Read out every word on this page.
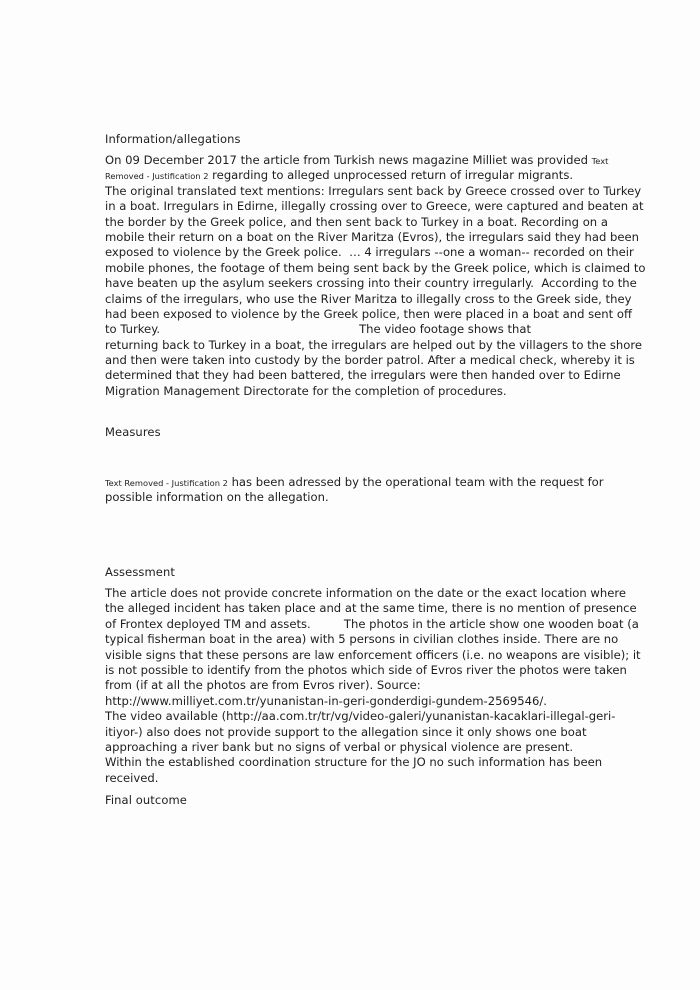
Information/allegations
On 09 December 2017 the article from Turkish news magazine Milliet was provided Text
Removed - Justification 2 regarding to alleged unprocessed return of irregular migrants.
The original translated text mentions: Irregulars sent back by Greece crossed over to Turkey
in a boat. Irregulars in Edirne, illegally crossing over to Greece, were captured and beaten at
the border by the Greek police, and then sent back to Turkey in a boat. Recording on a
mobile their return on a boat on the River Maritza (Evros), the irregulars said they had been
exposed to violence by the Greek police.  … 4 irregulars --one a woman-- recorded on their
mobile phones, the footage of them being sent back by the Greek police, which is claimed to
have beaten up the asylum seekers crossing into their country irregularly.  According to the
claims of the irregulars, who use the River Maritza to illegally cross to the Greek side, they
had been exposed to violence by the Greek police, then were placed in a boat and sent off
to Turkey.                                                      The video footage shows that
returning back to Turkey in a boat, the irregulars are helped out by the villagers to the shore
and then were taken into custody by the border patrol. After a medical check, whereby it is
determined that they had been battered, the irregulars were then handed over to Edirne
Migration Management Directorate for the completion of procedures.
Measures
Text Removed - Justification 2 has been adressed by the operational team with the request for
possible information on the allegation.
Assessment
The article does not provide concrete information on the date or the exact location where
the alleged incident has taken place and at the same time, there is no mention of presence
of Frontex deployed TM and assets.         The photos in the article show one wooden boat (a
typical fisherman boat in the area) with 5 persons in civilian clothes inside. There are no
visible signs that these persons are law enforcement officers (i.e. no weapons are visible); it
is not possible to identify from the photos which side of Evros river the photos were taken
from (if at all the photos are from Evros river). Source:
http://www.milliyet.com.tr/yunanistan-in-geri-gonderdigi-gundem-2569546/.
The video available (http://aa.com.tr/tr/vg/video-galeri/yunanistan-kacaklari-illegal-geri-
itiyor-) also does not provide support to the allegation since it only shows one boat
approaching a river bank but no signs of verbal or physical violence are present.
Within the established coordination structure for the JO no such information has been
received.
Final outcome
